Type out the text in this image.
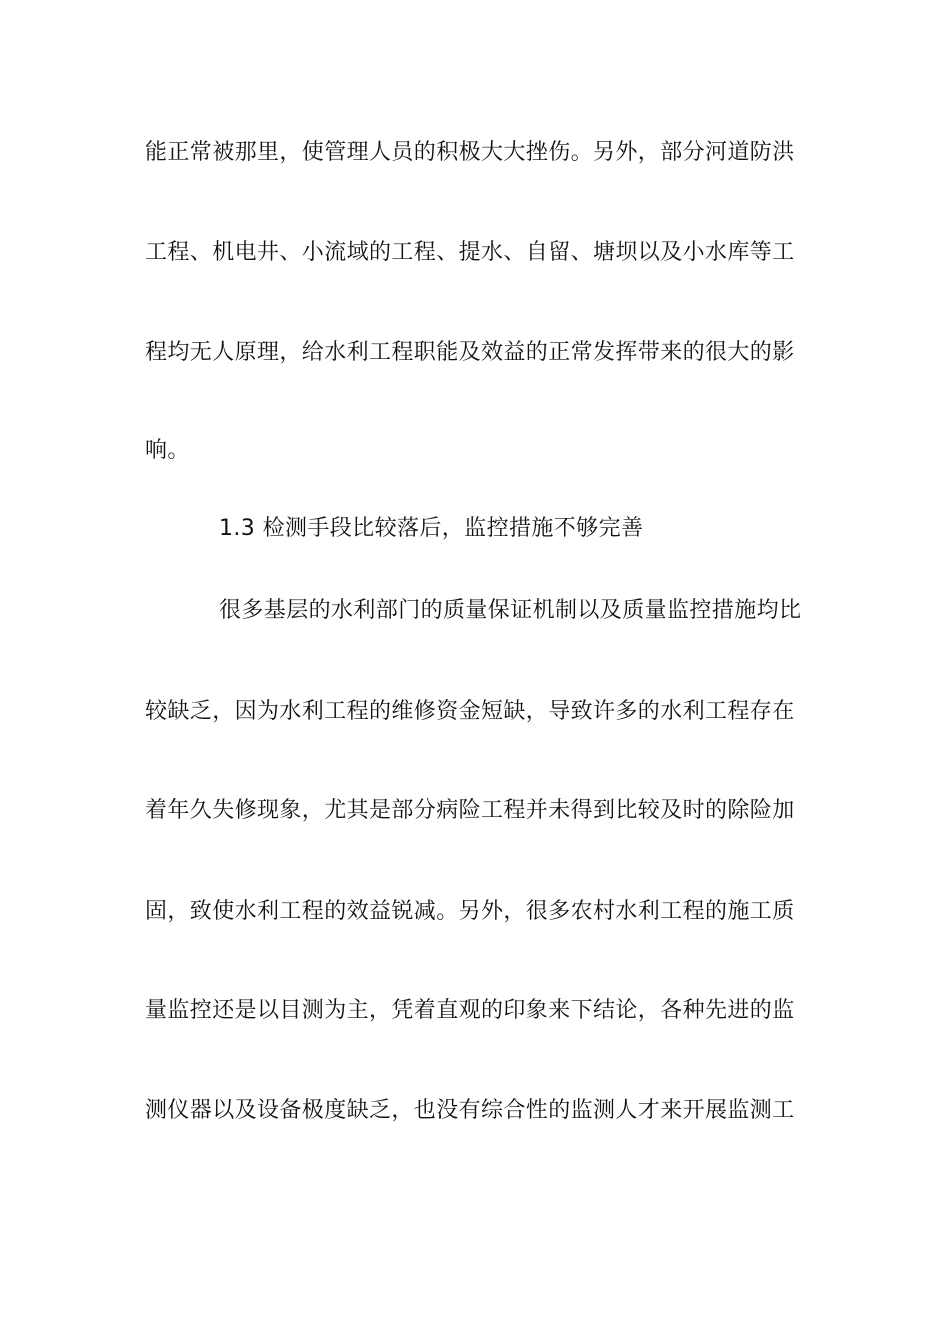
能正常被那里，使管理人员的积极大大挫伤。另外，部分河道防洪
工程、机电井、小流域的工程、提水、自留、塘坝以及小水库等工
程均无人原理，给水利工程职能及效益的正常发挥带来的很大的影
响。
1.3 检测手段比较落后，监控措施不够完善
很多基层的水利部门的质量保证机制以及质量监控措施均比
较缺乏，因为水利工程的维修资金短缺，导致许多的水利工程存在
着年久失修现象，尤其是部分病险工程并未得到比较及时的除险加
固，致使水利工程的效益锐减。另外，很多农村水利工程的施工质
量监控还是以目测为主，凭着直观的印象来下结论，各种先进的监
测仪器以及设备极度缺乏，也没有综合性的监测人才来开展监测工
